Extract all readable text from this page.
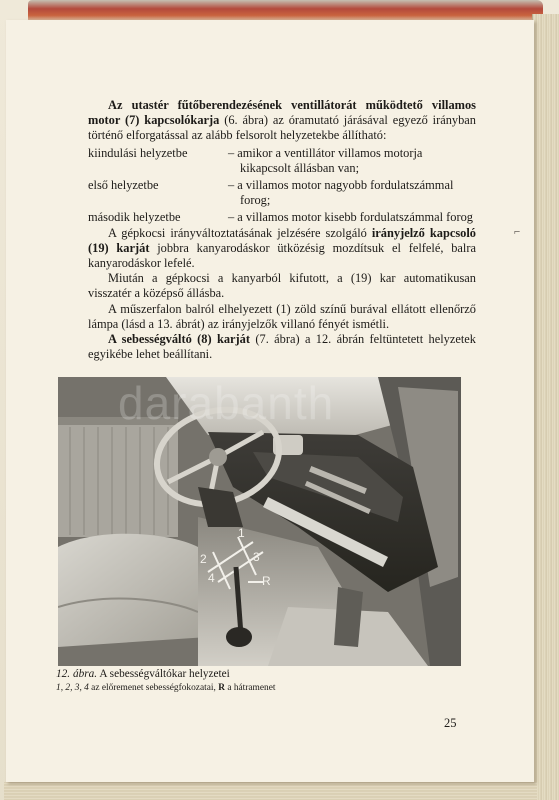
Az utastér fűtőberendezésének ventillátorát működtető villamos motor (7) kapcsolókarja (6. ábra) az óramutató járásával egyező irányban történő elforgatással az alább felsorolt helyzetekbe állítható:

kiindulási helyzetbe	– amikor a ventillátor villamos motorja kikapcsolt állásban van;
első helyzetbe	– a villamos motor nagyobb fordulatszámmal forog;
második helyzetbe	– a villamos motor kisebb fordulatszámmal forog

A gépkocsi irányváltoztatásának jelzésére szolgáló irányjelző kapcsoló (19) karját jobbra kanyarodáskor ütközésig mozdítsuk el felfelé, balra kanyarodáskor lefelé.

Miután a gépkocsi a kanyarból kifutott, a (19) kar automatikusan visszatér a középső állásba.

A műszerfalon balról elhelyezett (1) zöld színű burával ellátott ellenőrző lámpa (lásd a 13. ábrát) az irányjelzők villanó fényét ismétli.

A sebességváltó (8) karját (7. ábra) a 12. ábrán feltüntetett helyzetek egyikébe lehet beállítani.

⌐
1
2	3
4	R
darabanth
12. ábra. A sebességváltókar helyzetei
1, 2, 3, 4 az előremenet sebességfokozatai, R a hátramenet
25
